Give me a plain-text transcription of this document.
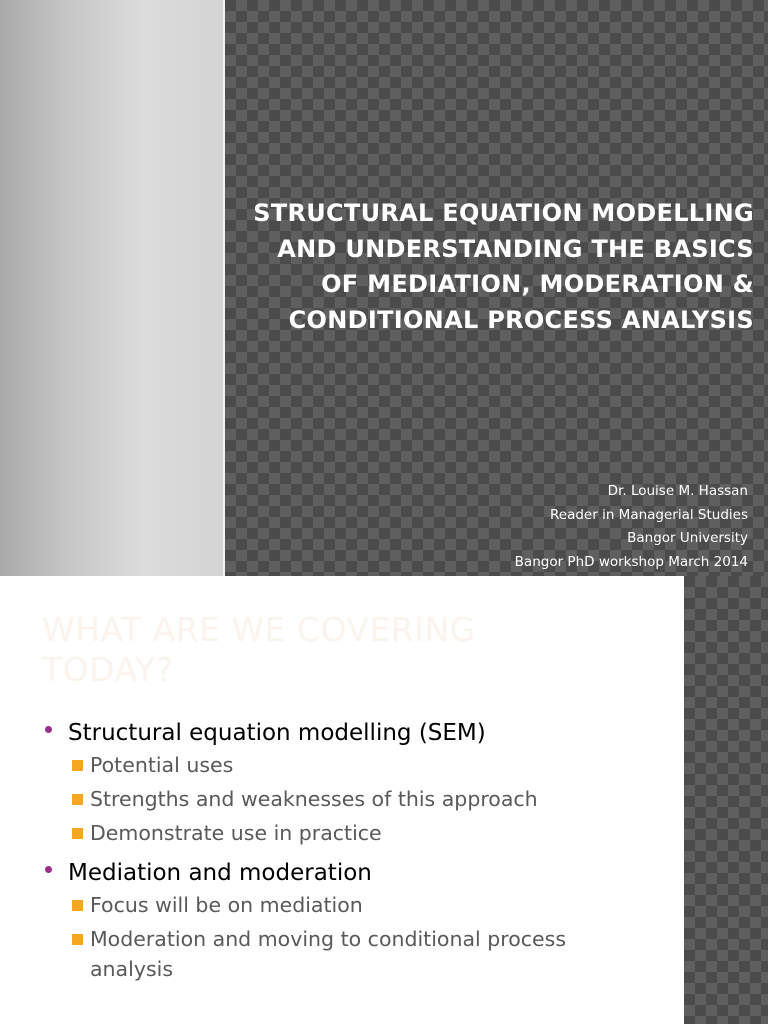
STRUCTURAL EQUATION MODELLING
AND UNDERSTANDING THE BASICS
OF MEDIATION, MODERATION &
CONDITIONAL PROCESS ANALYSIS
Dr. Louise M. Hassan
Reader in Managerial Studies
Bangor University
Bangor PhD workshop March 2014
WHAT ARE WE COVERING
TODAY?
Structural equation modelling (SEM)
Potential uses
Strengths and weaknesses of this approach
Demonstrate use in practice
Mediation and moderation
Focus will be on mediation
Moderation and moving to conditional process analysis
